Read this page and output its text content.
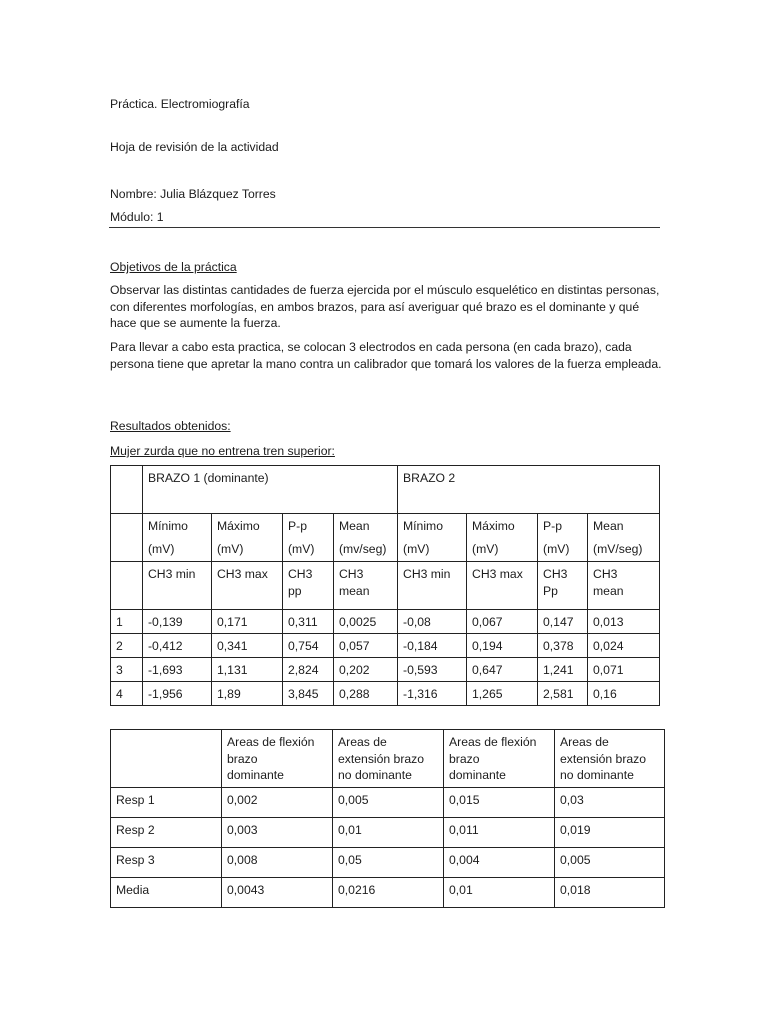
Práctica. Electromiografía
Hoja de revisión de la actividad
Nombre: Julia Blázquez Torres
Módulo: 1
Objetivos de la práctica
Observar las distintas cantidades de fuerza ejercida por el músculo esquelético en distintas personas, con diferentes morfologías, en ambos brazos, para así averiguar qué brazo es el dominante y qué hace que se aumente la fuerza.
Para llevar a cabo esta practica, se colocan 3 electrodos en cada persona (en cada brazo), cada persona tiene que apretar la mano contra un calibrador que tomará los valores de la fuerza empleada.
Resultados obtenidos:
Mujer zurda que no entrena tren superior:
	BRAZO 1 (dominante)				BRAZO 2			

	Mínimo
(mV)	Máximo
(mV)	P-p
(mV)	Mean
(mv/seg)	Mínimo
(mV)	Máximo
(mV)	P-p
(mV)	Mean
(mV/seg)

	CH3 min	CH3 max	CH3
pp	CH3
mean	CH3 min	CH3 max	CH3
Pp	CH3
mean

1	-0,139	0,171	0,311	0,0025	-0,08	0,067	0,147	0,013
2	-0,412	0,341	0,754	0,057	-0,184	0,194	0,378	0,024
3	-1,693	1,131	2,824	0,202	-0,593	0,647	1,241	0,071
4	-1,956	1,89	3,845	0,288	-1,316	1,265	2,581	0,16

	Areas de flexión
brazo
dominante	Areas de
extensión brazo
no dominante	Areas de flexión
brazo
dominante	Areas de
extensión brazo
no dominante

Resp 1	0,002	0,005	0,015	0,03
Resp 2	0,003	0,01	0,011	0,019
Resp 3	0,008	0,05	0,004	0,005
Media	0,0043	0,0216	0,01	0,018
